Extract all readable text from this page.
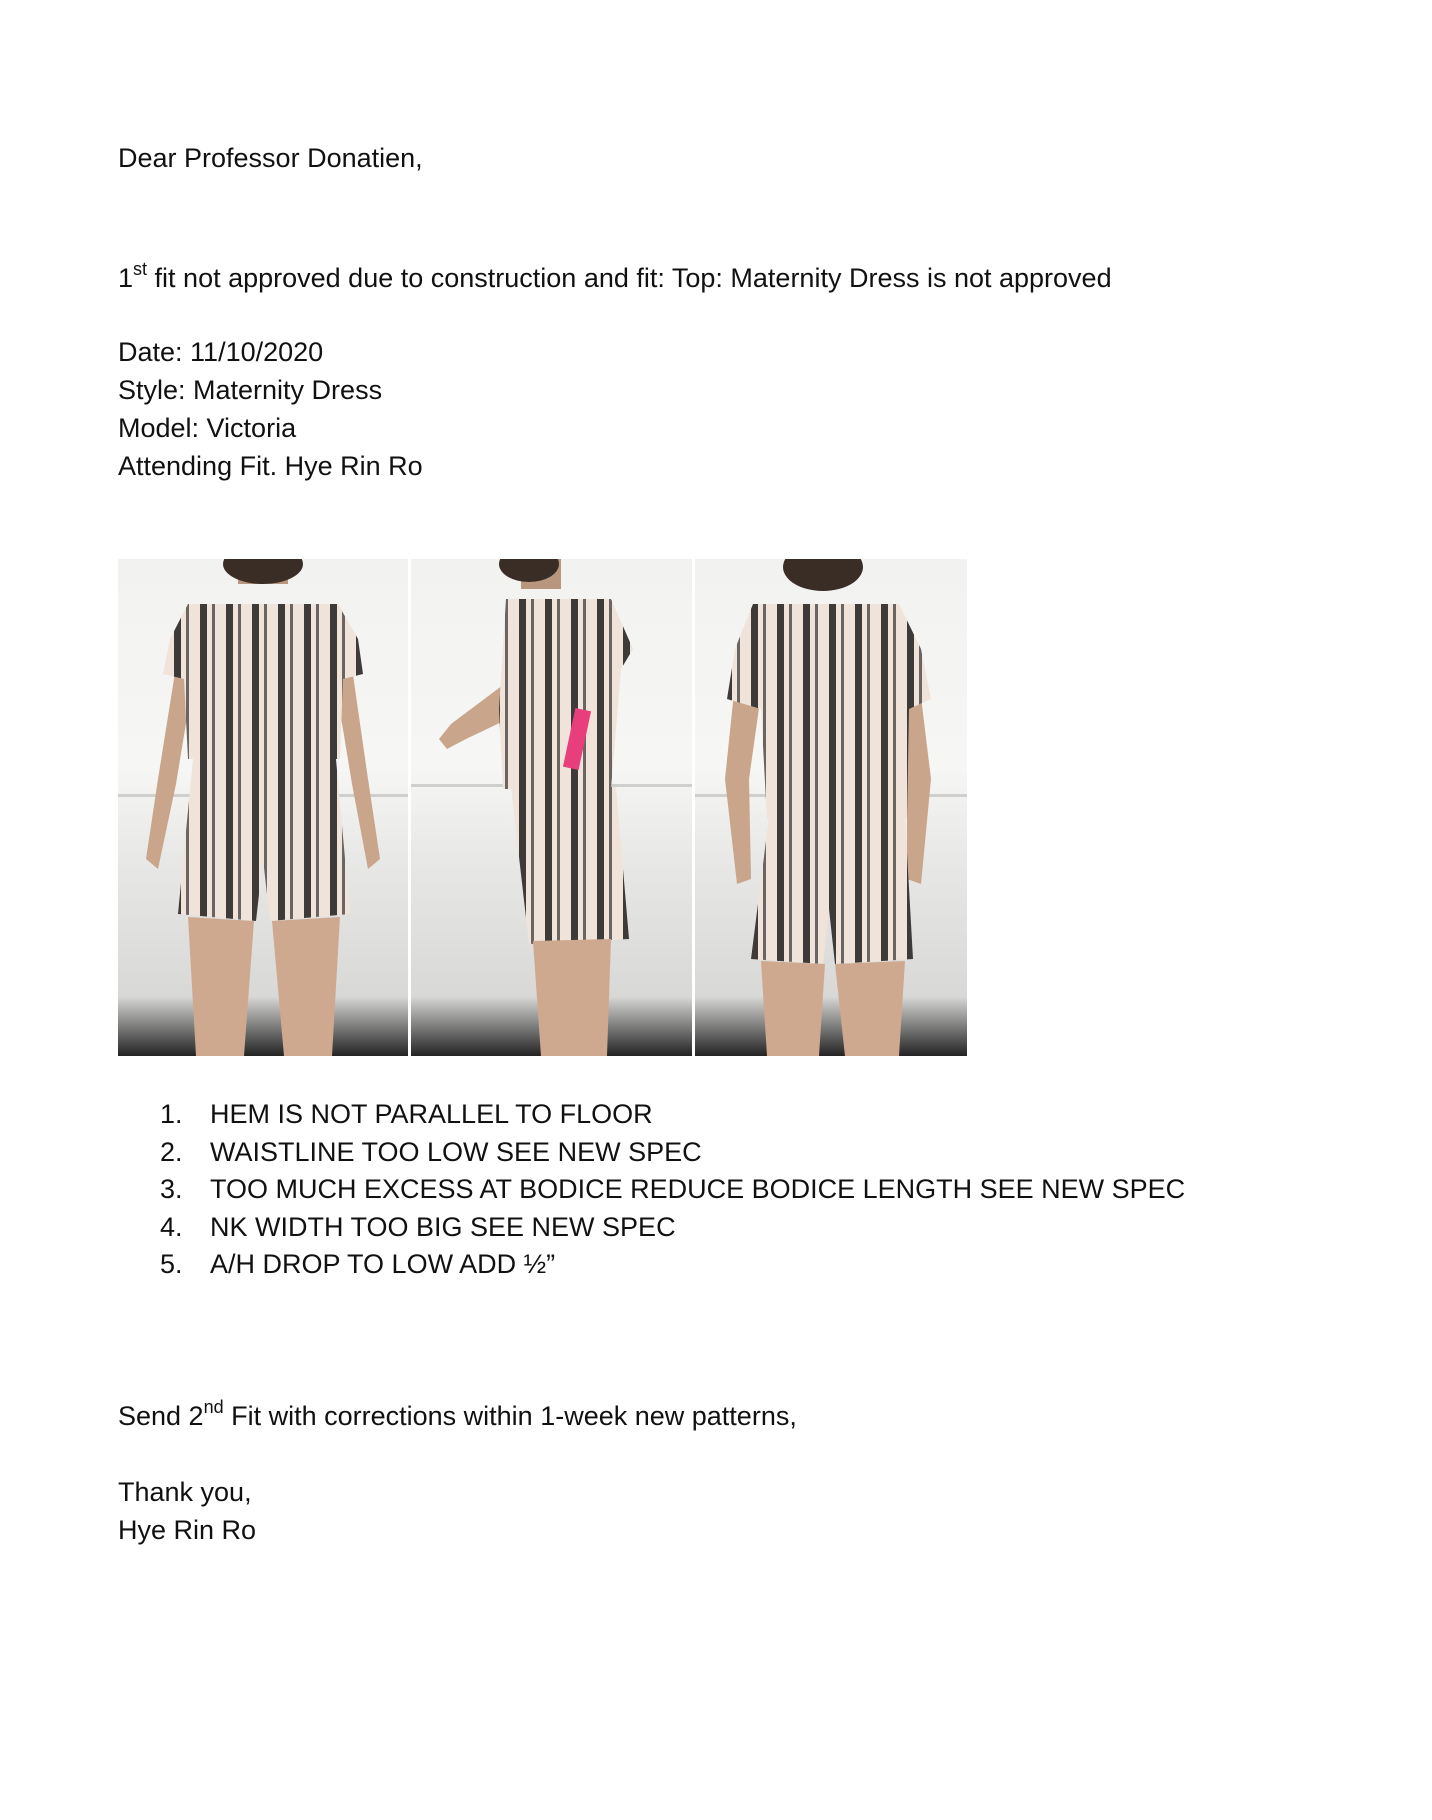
Dear Professor Donatien,
1st fit not approved due to construction and fit: Top: Maternity Dress is not approved
Date: 11/10/2020
Style: Maternity Dress
Model: Victoria
Attending Fit. Hye Rin Ro
1.	HEM IS NOT PARALLEL TO FLOOR
2.	WAISTLINE TOO LOW SEE NEW SPEC
3.	TOO MUCH EXCESS AT BODICE REDUCE BODICE LENGTH SEE NEW SPEC
4.	NK WIDTH TOO BIG SEE NEW SPEC
5.	A/H DROP TO LOW ADD ½”
Send 2nd Fit with corrections within 1-week new patterns,
Thank you,
Hye Rin Ro
